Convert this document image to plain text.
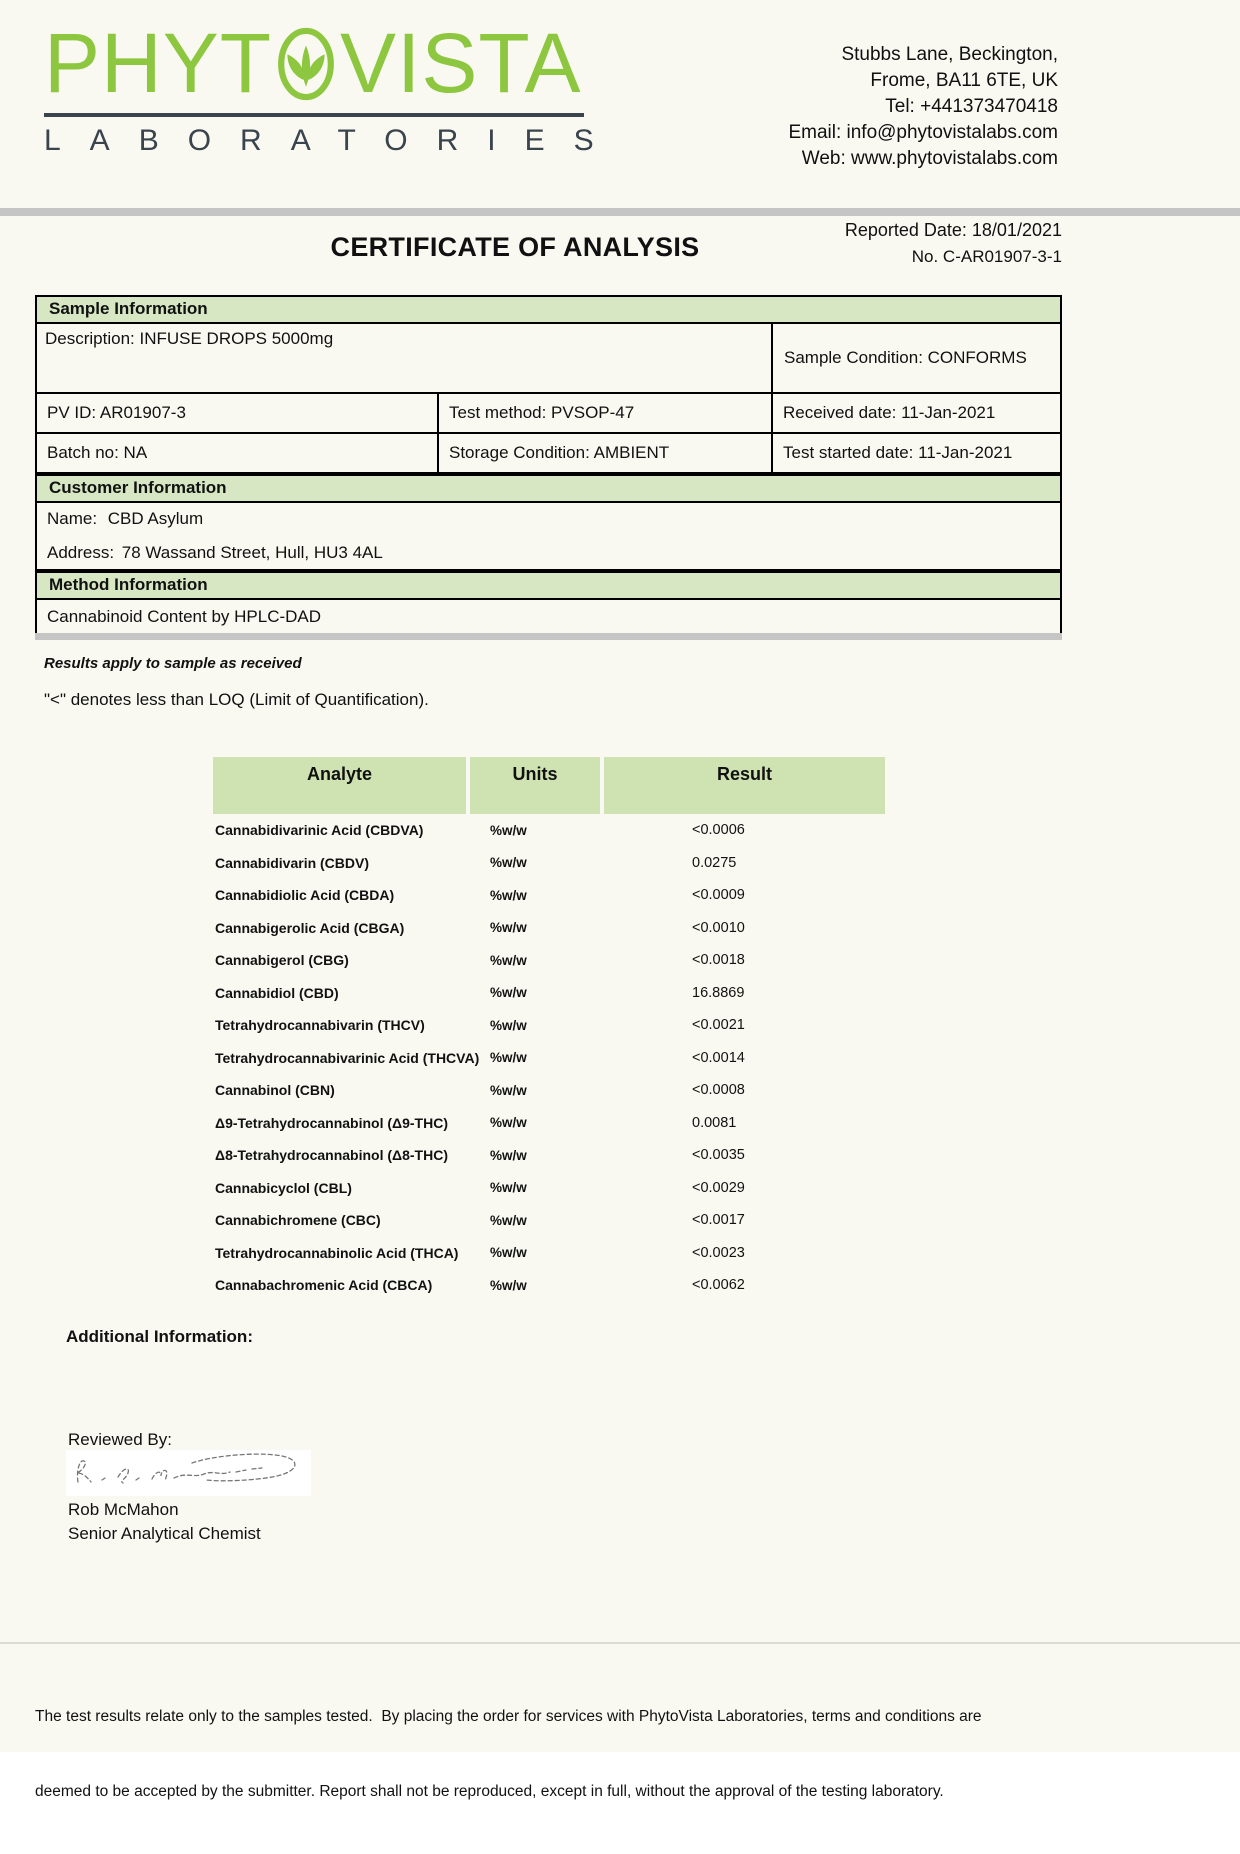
PHYT VISTA
LABORATORIES
Stubbs Lane, Beckington,
Frome, BA11 6TE, UK
Tel: +441373470418
Email: info@phytovistalabs.com
Web: www.phytovistalabs.com
Reported Date: 18/01/2021
No. C-AR01907-3-1
CERTIFICATE OF ANALYSIS
Sample Information
Description: INFUSE DROPS 5000mg
Sample Condition: CONFORMS
PV ID: AR01907-3	Test method: PVSOP-47	Received date: 11-Jan-2021
Batch no: NA	Storage Condition: AMBIENT	Test started date: 11-Jan-2021
Customer Information
Name: CBD Asylum
Address: 78 Wassand Street, Hull, HU3 4AL
Method Information
Cannabinoid Content by HPLC-DAD
Results apply to sample as received
"<" denotes less than LOQ (Limit of Quantification).
Analyte	Units	Result
Cannabidivarinic Acid (CBDVA)	%w/w	<0.0006
Cannabidivarin (CBDV)	%w/w	0.0275
Cannabidiolic Acid (CBDA)	%w/w	<0.0009
Cannabigerolic Acid (CBGA)	%w/w	<0.0010
Cannabigerol (CBG)	%w/w	<0.0018
Cannabidiol (CBD)	%w/w	16.8869
Tetrahydrocannabivarin (THCV)	%w/w	<0.0021
Tetrahydrocannabivarinic Acid (THCVA) %w/w	<0.0014
Cannabinol (CBN)	%w/w	<0.0008
Δ9-Tetrahydrocannabinol (Δ9-THC)	%w/w	0.0081
Δ8-Tetrahydrocannabinol (Δ8-THC)	%w/w	<0.0035
Cannabicyclol (CBL)	%w/w	<0.0029
Cannabichromene (CBC)	%w/w	<0.0017
Tetrahydrocannabinolic Acid (THCA)	%w/w	<0.0023
Cannabachromenic Acid (CBCA)	%w/w	<0.0062
Additional Information:
Reviewed By:
Rob McMahon
Senior Analytical Chemist

The test results relate only to the samples tested.  By placing the order for services with PhytoVista Laboratories, terms and conditions are

deemed to be accepted by the submitter. Report shall not be reproduced, except in full, without the approval of the testing laboratory.
